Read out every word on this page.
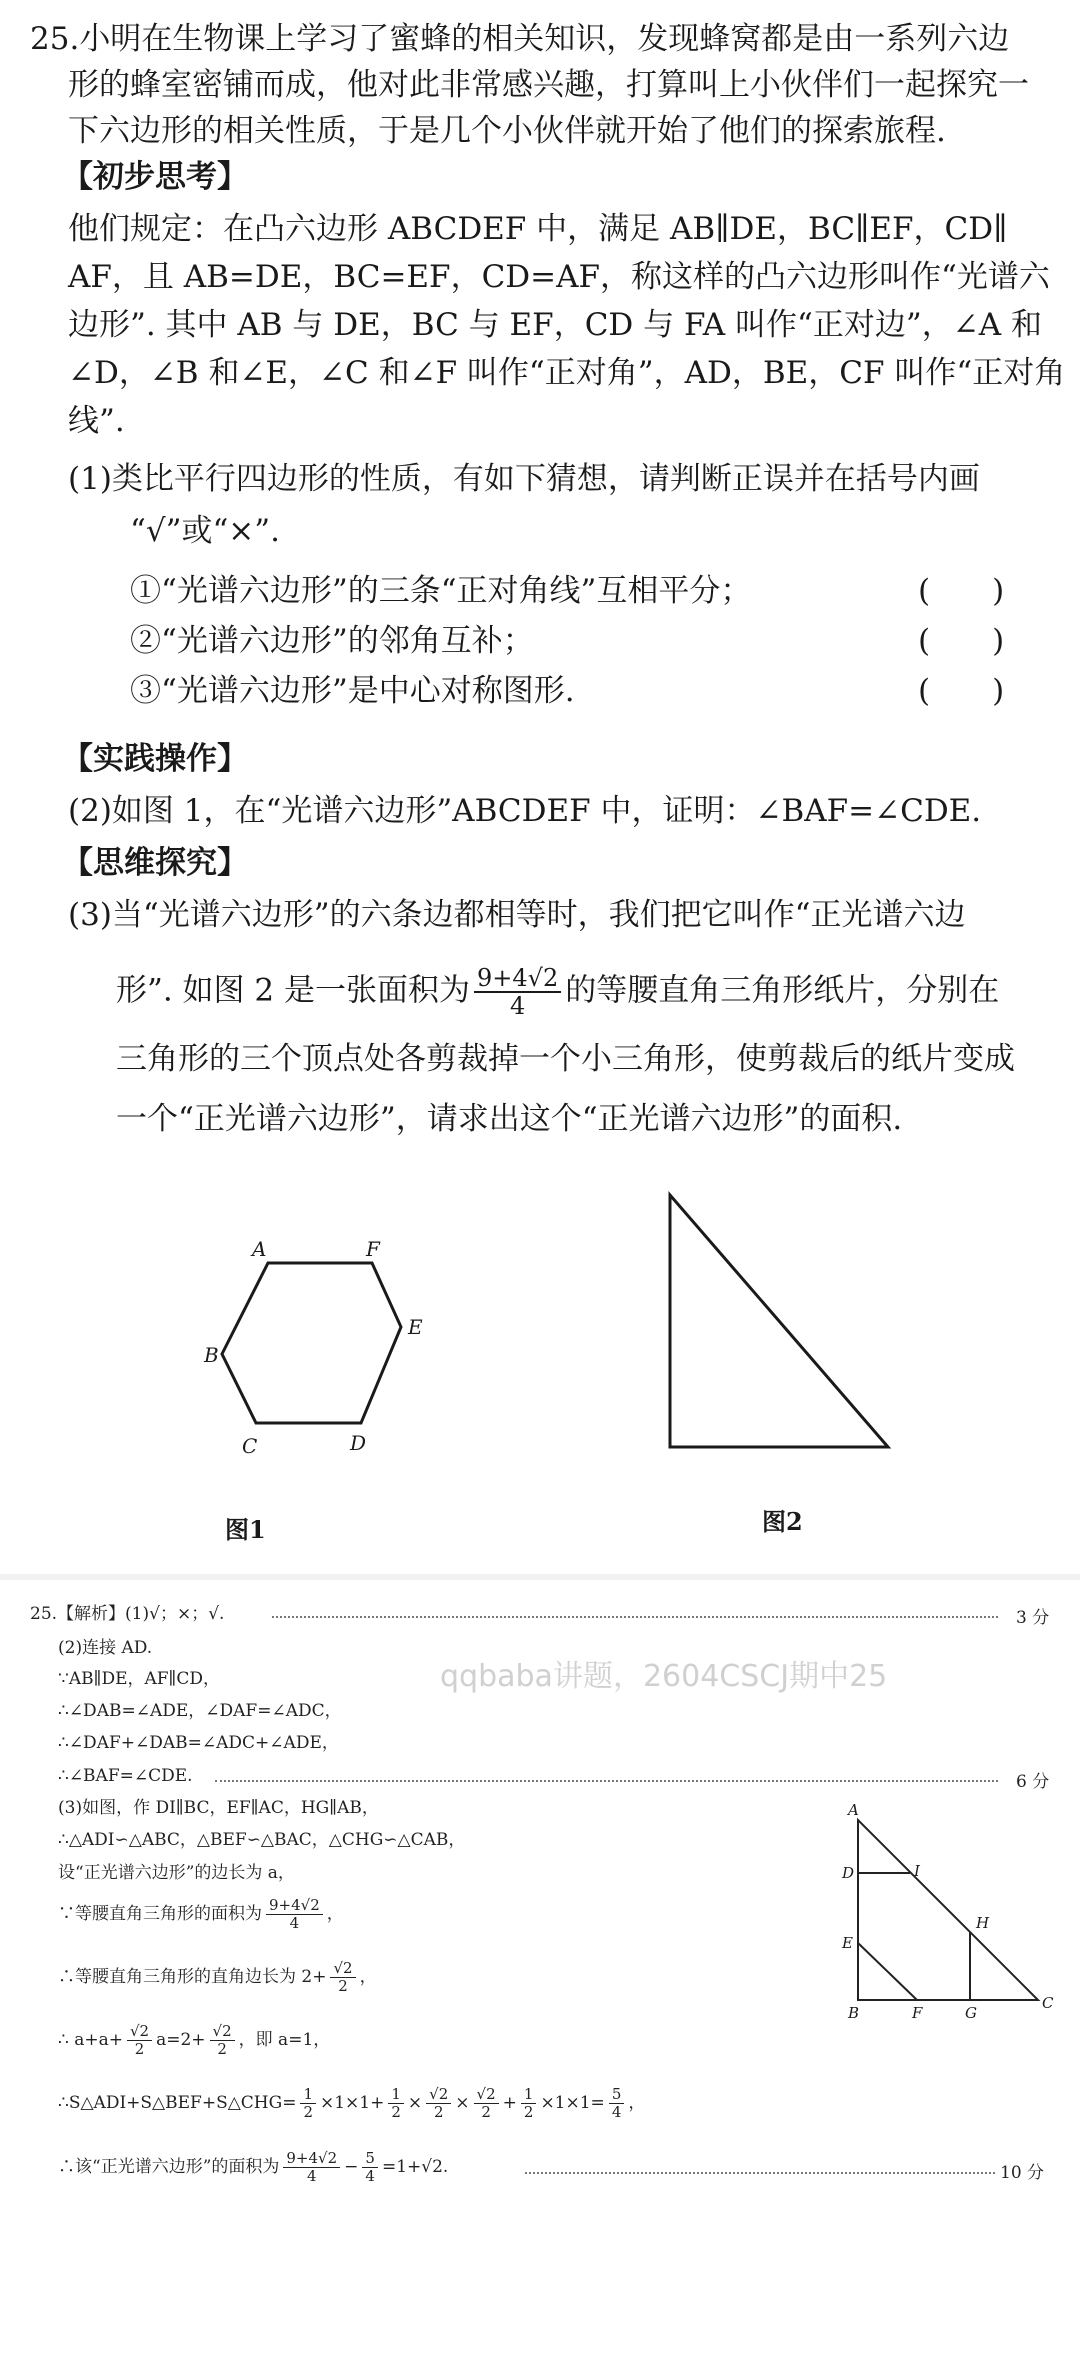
25.小明在生物课上学习了蜜蜂的相关知识，发现蜂窝都是由一系列六边
形的蜂室密铺而成，他对此非常感兴趣，打算叫上小伙伴们一起探究一
下六边形的相关性质，于是几个小伙伴就开始了他们的探索旅程.
【初步思考】
他们规定：在凸六边形 ABCDEF 中，满足 AB∥DE，BC∥EF，CD∥
AF，且 AB=DE，BC=EF，CD=AF，称这样的凸六边形叫作“光谱六
边形”. 其中 AB 与 DE，BC 与 EF，CD 与 FA 叫作“正对边”，∠A 和
∠D，∠B 和∠E，∠C 和∠F 叫作“正对角”，AD，BE，CF 叫作“正对角
线”.
(1)类比平行四边形的性质，有如下猜想，请判断正误并在括号内画
“√”或“×”.
①“光谱六边形”的三条“正对角线”互相平分；	(　　)
②“光谱六边形”的邻角互补；	(　　)
③“光谱六边形”是中心对称图形.	(　　)
【实践操作】
(2)如图 1，在“光谱六边形”ABCDEF 中，证明：∠BAF=∠CDE.
【思维探究】
(3)当“光谱六边形”的六条边都相等时，我们把它叫作“正光谱六边
形”. 如图 2 是一张面积为 $\frac{9+4√2}{4}$ 的等腰直角三角形纸片，分别在
三角形的三个顶点处各剪裁掉一个小三角形，使剪裁后的纸片变成
一个“正光谱六边形”，请求出这个“正光谱六边形”的面积.
A	F
B
E
C	D
图1	图2
qqbaba讲题，2604CSCJ期中25
25.【解析】(1)√；×；√.	3 分
(2)连接 AD.
∵AB∥DE，AF∥CD，
∴∠DAB=∠ADE，∠DAF=∠ADC，
∴∠DAF+∠DAB=∠ADC+∠ADE，
∴∠BAF=∠CDE.	6 分
(3)如图，作 DI∥BC，EF∥AC，HG∥AB，
∴△ADI∽△ABC，△BEF∽△BAC，△CHG∽△CAB，
设“正光谱六边形”的边长为 a，
∵等腰直角三角形的面积为 $\frac{9+4√2}{4}$ ，
∴等腰直角三角形的直角边长为 $2+ \frac{√2}{2}$ ，
∴ $a+a+ \frac{√2}{2} a=2+ \frac{√2}{2}$ ，即 a=1，
∴S△ADI+S△BEF+S△CHG= $\frac{1}{2} \times 1\times 1+ \frac{1}{2} \times \frac{√2}{2} \times \frac{√2}{2} + \frac{1}{2} \times 1\times 1= \frac{5}{4}$ ，
∴该“正光谱六边形”的面积为 $\frac{9+4√2}{4} - \frac{5}{4} =1+√2$.	10 分
A
D	I
H
E
B	F	G
C
